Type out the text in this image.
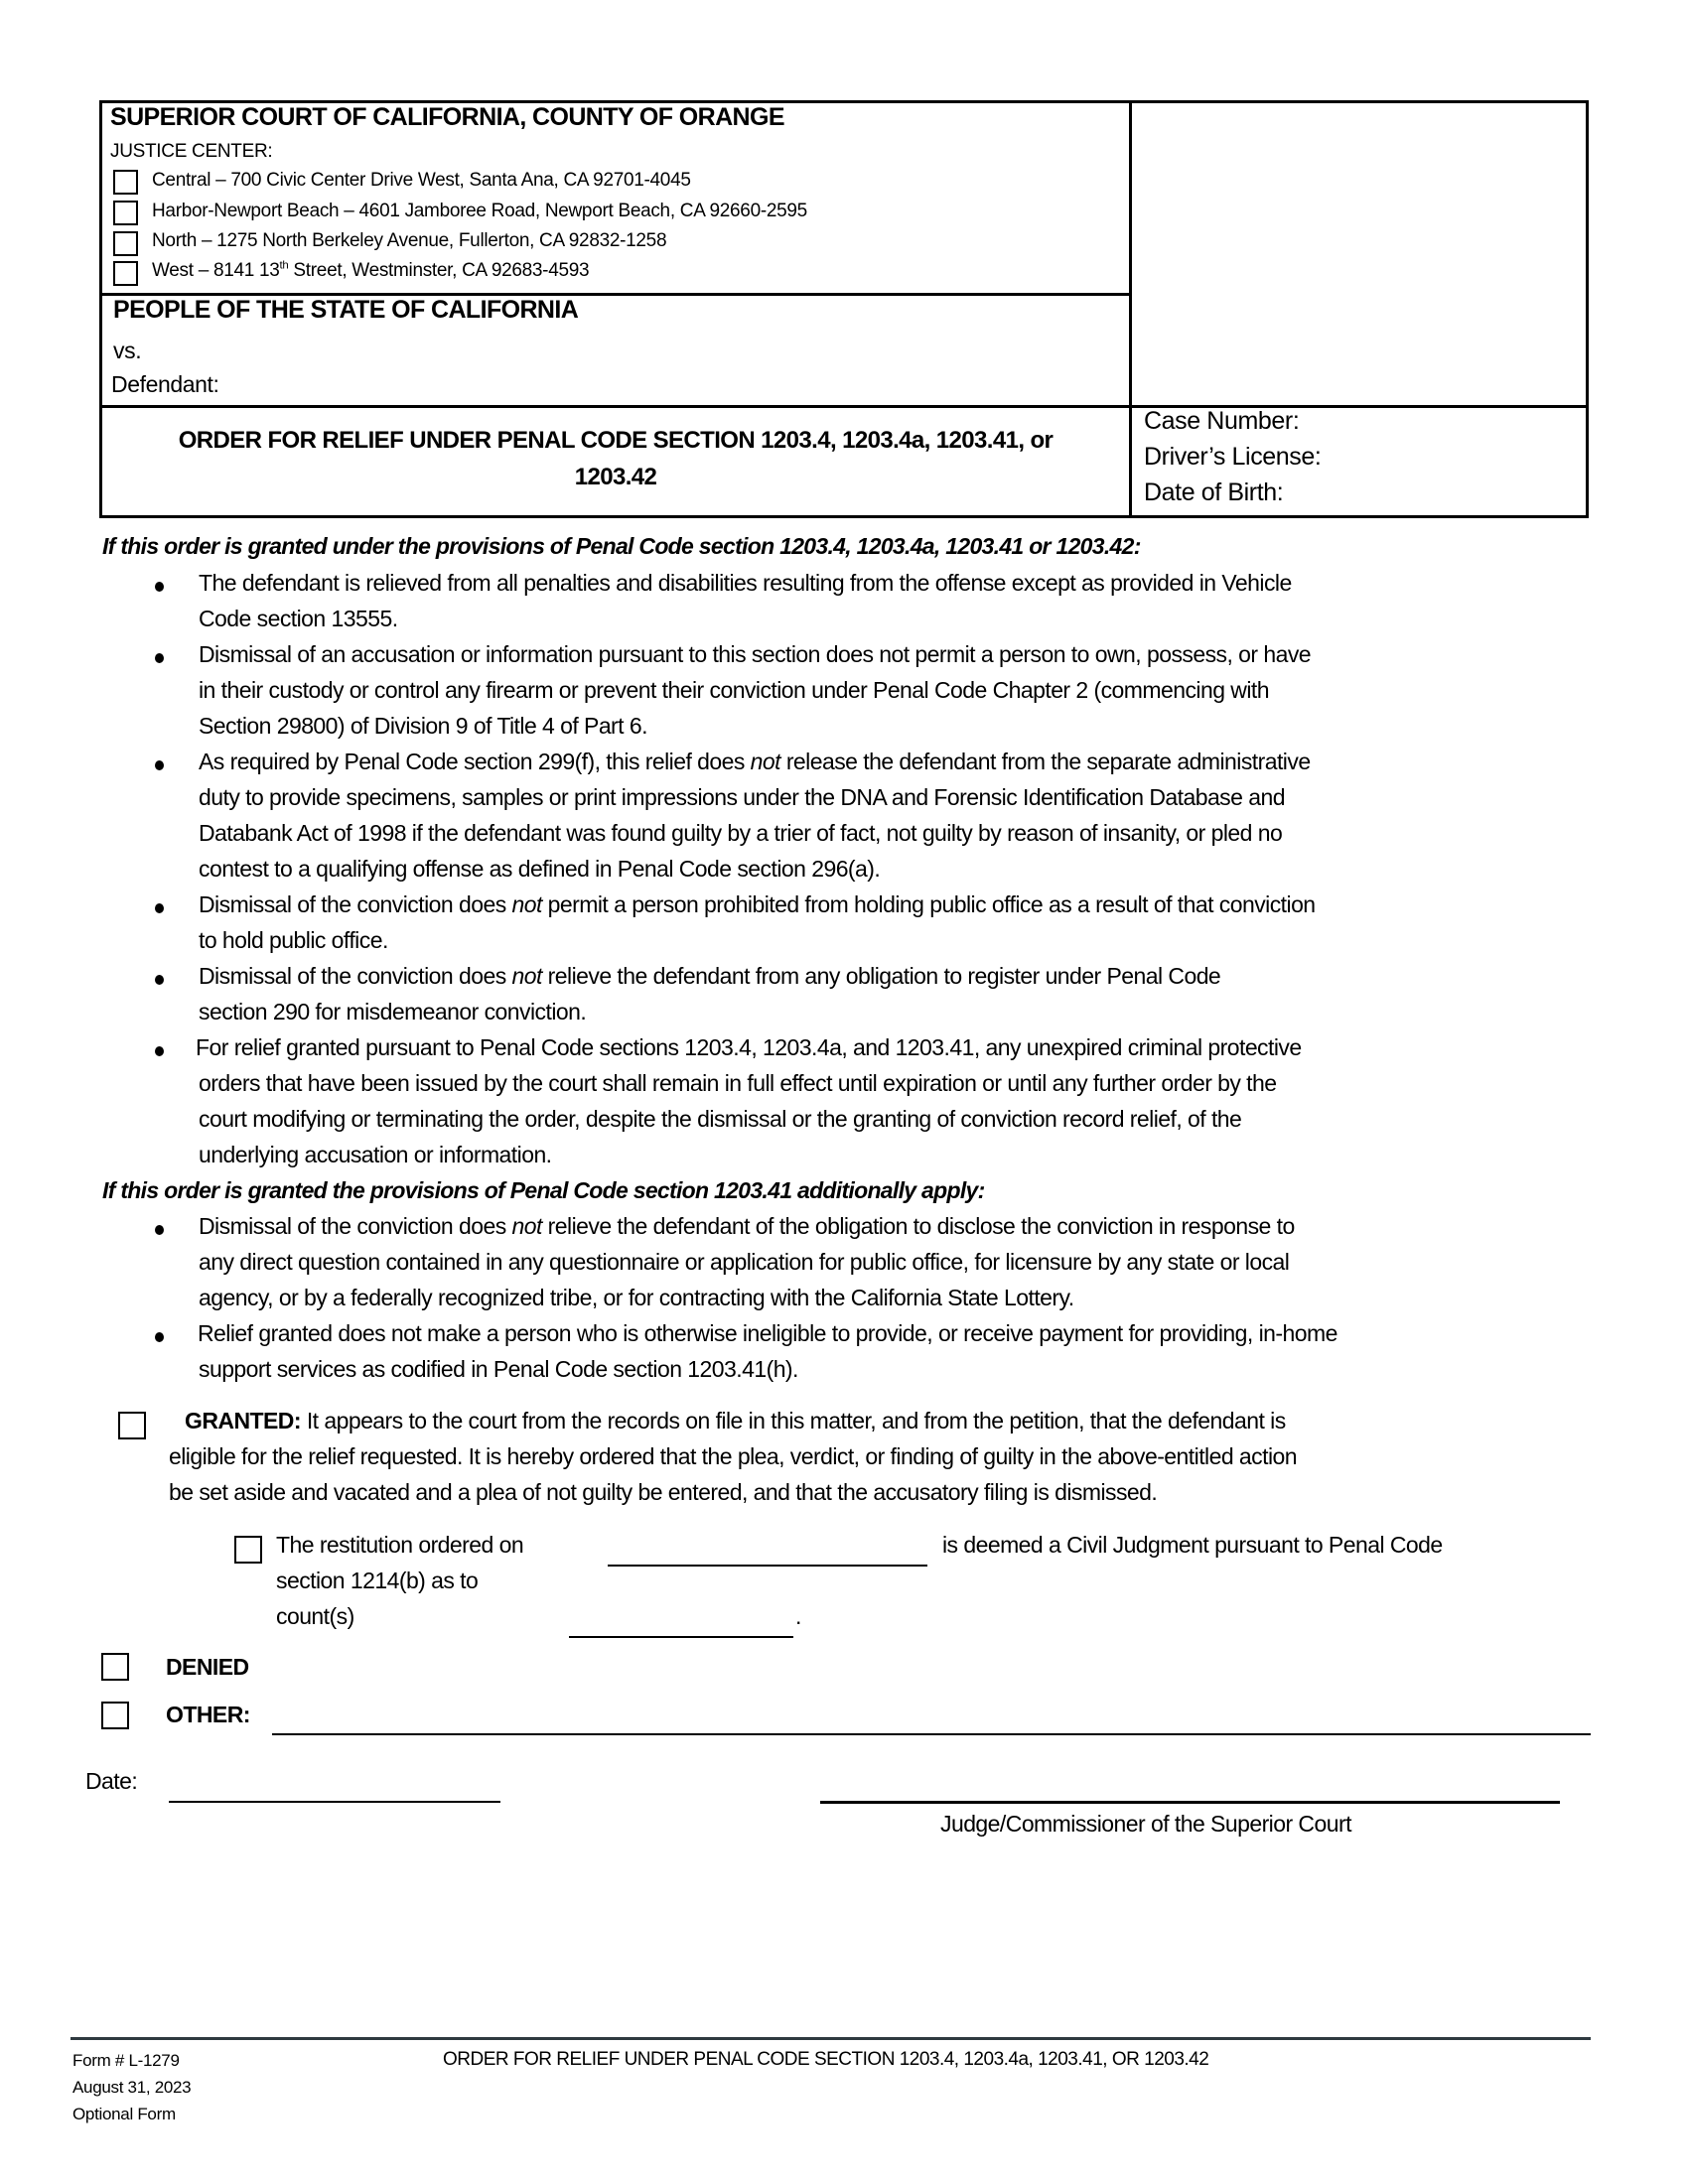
SUPERIOR COURT OF CALIFORNIA, COUNTY OF ORANGE
JUSTICE CENTER:
Central – 700 Civic Center Drive West, Santa Ana, CA 92701-4045
Harbor-Newport Beach – 4601 Jamboree Road, Newport Beach, CA 92660-2595
North – 1275 North Berkeley Avenue, Fullerton, CA 92832-1258
West – 8141 13th Street, Westminster, CA 92683-4593
PEOPLE OF THE STATE OF CALIFORNIA
vs.
Defendant:
ORDER FOR RELIEF UNDER PENAL CODE SECTION 1203.4, 1203.4a, 1203.41, or
1203.42
Case Number:
Driver’s License:
Date of Birth:
If this order is granted under the provisions of Penal Code section 1203.4, 1203.4a, 1203.41 or 1203.42:
The defendant is relieved from all penalties and disabilities resulting from the offense except as provided in Vehicle
Code section 13555.
Dismissal of an accusation or information pursuant to this section does not permit a person to own, possess, or have
in their custody or control any firearm or prevent their conviction under Penal Code Chapter 2 (commencing with
Section 29800) of Division 9 of Title 4 of Part 6.
As required by Penal Code section 299(f), this relief does not release the defendant from the separate administrative
duty to provide specimens, samples or print impressions under the DNA and Forensic Identification Database and
Databank Act of 1998 if the defendant was found guilty by a trier of fact, not guilty by reason of insanity, or pled no
contest to a qualifying offense as defined in Penal Code section 296(a).
Dismissal of the conviction does not permit a person prohibited from holding public office as a result of that conviction
to hold public office.
Dismissal of the conviction does not relieve the defendant from any obligation to register under Penal Code
section 290 for misdemeanor conviction.
For relief granted pursuant to Penal Code sections 1203.4, 1203.4a, and 1203.41, any unexpired criminal protective
orders that have been issued by the court shall remain in full effect until expiration or until any further order by the
court modifying or terminating the order, despite the dismissal or the granting of conviction record relief, of the
underlying accusation or information.
If this order is granted the provisions of Penal Code section 1203.41 additionally apply:
Dismissal of the conviction does not relieve the defendant of the obligation to disclose the conviction in response to
any direct question contained in any questionnaire or application for public office, for licensure by any state or local
agency, or by a federally recognized tribe, or for contracting with the California State Lottery.
Relief granted does not make a person who is otherwise ineligible to provide, or receive payment for providing, in-home
support services as codified in Penal Code section 1203.41(h).
GRANTED: It appears to the court from the records on file in this matter, and from the petition, that the defendant is
eligible for the relief requested. It is hereby ordered that the plea, verdict, or finding of guilty in the above-entitled action
be set aside and vacated and a plea of not guilty be entered, and that the accusatory filing is dismissed.
The restitution ordered on	is deemed a Civil Judgment pursuant to Penal Code
section 1214(b) as to
count(s)	.
DENIED
OTHER:
Date:
Judge/Commissioner of the Superior Court
Form # L-1279
August 31, 2023
Optional Form
ORDER FOR RELIEF UNDER PENAL CODE SECTION 1203.4, 1203.4a, 1203.41, OR 1203.42
